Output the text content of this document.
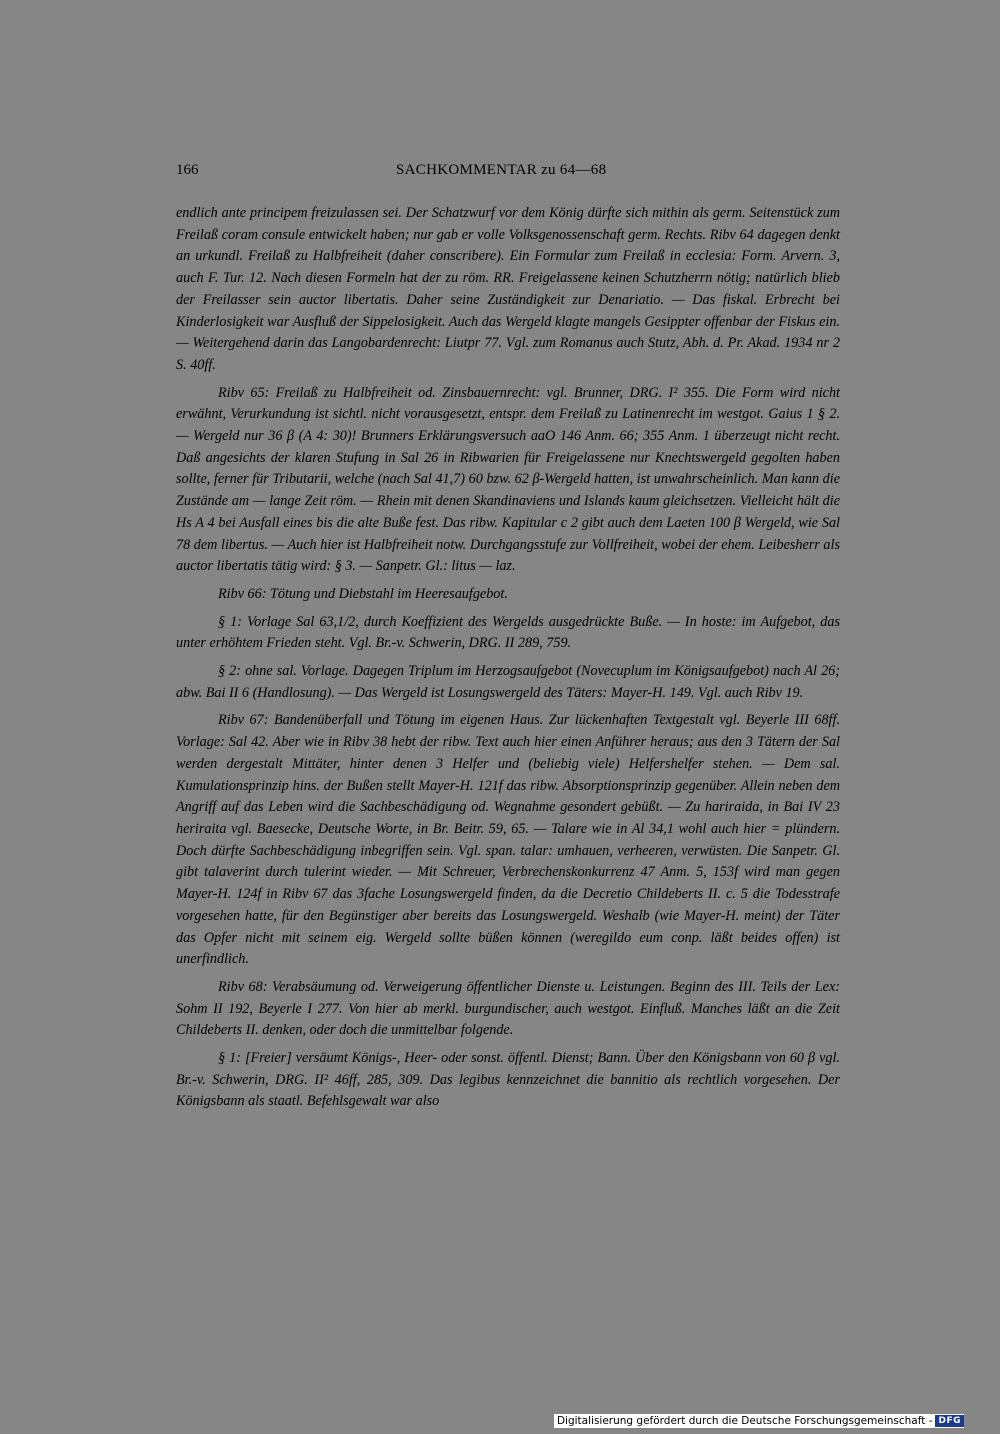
166	SACHKOMMENTAR zu 64—68

endlich ante principem freizulassen sei. Der Schatzwurf vor dem König dürfte sich mithin als germ. Seitenstück zum Freilaß coram consule entwickelt haben; nur gab er volle Volksgenossenschaft germ. Rechts. Ribv 64 dagegen denkt an urkundl. Freilaß zu Halbfreiheit (daher conscribere). Ein Formular zum Freilaß in ecclesia: Form. Arvern. 3, auch F. Tur. 12. Nach diesen Formeln hat der zu röm. RR. Freigelassene keinen Schutzherrn nötig; natürlich blieb der Freilasser sein auctor libertatis. Daher seine Zuständigkeit zur Denariatio. — Das fiskal. Erbrecht bei Kinderlosigkeit war Ausfluß der Sippelosigkeit. Auch das Wergeld klagte mangels Gesippter offenbar der Fiskus ein. — Weitergehend darin das Langobardenrecht: Liutpr 77. Vgl. zum Romanus auch Stutz, Abh. d. Pr. Akad. 1934 nr 2 S. 40ff.

Ribv 65: Freilaß zu Halbfreiheit od. Zinsbauernrecht: vgl. Brunner, DRG. I² 355. Die Form wird nicht erwähnt, Verurkundung ist sichtl. nicht vorausgesetzt, entspr. dem Freilaß zu Latinenrecht im westgot. Gaius 1 § 2. — Wergeld nur 36 β (A 4: 30)! Brunners Erklärungsversuch aaO 146 Anm. 66; 355 Anm. 1 überzeugt nicht recht. Daß angesichts der klaren Stufung in Sal 26 in Ribwarien für Freigelassene nur Knechtswergeld gegolten haben sollte, ferner für Tributarii, welche (nach Sal 41,7) 60 bzw. 62 β-Wergeld hatten, ist unwahrscheinlich. Man kann die Zustände am — lange Zeit röm. — Rhein mit denen Skandinaviens und Islands kaum gleichsetzen. Vielleicht hält die Hs A 4 bei Ausfall eines bis die alte Buße fest. Das ribw. Kapitular c 2 gibt auch dem Laeten 100 β Wergeld, wie Sal 78 dem libertus. — Auch hier ist Halbfreiheit notw. Durchgangsstufe zur Vollfreiheit, wobei der ehem. Leibesherr als auctor libertatis tätig wird: § 3. — Sanpetr. Gl.: litus — laz.

Ribv 66: Tötung und Diebstahl im Heeresaufgebot.

§ 1: Vorlage Sal 63,1/2, durch Koeffizient des Wergelds ausgedrückte Buße. — In hoste: im Aufgebot, das unter erhöhtem Frieden steht. Vgl. Br.-v. Schwerin, DRG. II 289, 759.

§ 2: ohne sal. Vorlage. Dagegen Triplum im Herzogsaufgebot (Novecuplum im Königsaufgebot) nach Al 26; abw. Bai II 6 (Handlosung). — Das Wergeld ist Losungswergeld des Täters: Mayer-H. 149. Vgl. auch Ribv 19.

Ribv 67: Bandenüberfall und Tötung im eigenen Haus. Zur lückenhaften Textgestalt vgl. Beyerle III 68ff. Vorlage: Sal 42. Aber wie in Ribv 38 hebt der ribw. Text auch hier einen Anführer heraus; aus den 3 Tätern der Sal werden dergestalt Mittäter, hinter denen 3 Helfer und (beliebig viele) Helfershelfer stehen. — Dem sal. Kumulationsprinzip hins. der Bußen stellt Mayer-H. 121f das ribw. Absorptionsprinzip gegenüber. Allein neben dem Angriff auf das Leben wird die Sachbeschädigung od. Wegnahme gesondert gebüßt. — Zu hariraida, in Bai IV 23 heriraita vgl. Baesecke, Deutsche Worte, in Br. Beitr. 59, 65. — Talare wie in Al 34,1 wohl auch hier = plündern. Doch dürfte Sachbeschädigung inbegriffen sein. Vgl. span. talar: umhauen, verheeren, verwüsten. Die Sanpetr. Gl. gibt talaverint durch tulerint wieder. — Mit Schreuer, Verbrechenskonkurrenz 47 Anm. 5, 153f wird man gegen Mayer-H. 124f in Ribv 67 das 3fache Losungswergeld finden, da die Decretio Childeberts II. c. 5 die Todesstrafe vorgesehen hatte, für den Begünstiger aber bereits das Losungswergeld. Weshalb (wie Mayer-H. meint) der Täter das Opfer nicht mit seinem eig. Wergeld sollte büßen können (weregildo eum conp. läßt beides offen) ist unerfindlich.

Ribv 68: Verabsäumung od. Verweigerung öffentlicher Dienste u. Leistungen. Beginn des III. Teils der Lex: Sohm II 192, Beyerle I 277. Von hier ab merkl. burgundischer, auch westgot. Einfluß. Manches läßt an die Zeit Childeberts II. denken, oder doch die unmittelbar folgende.

§ 1: [Freier] versäumt Königs-, Heer- oder sonst. öffentl. Dienst; Bann. Über den Königsbann von 60 β vgl. Br.-v. Schwerin, DRG. II² 46ff, 285, 309. Das legibus kennzeichnet die bannitio als rechtlich vorgesehen. Der Königsbann als staatl. Befehlsgewalt war also

Digitalisierung gefördert durch die Deutsche Forschungsgemeinschaft - DFG
